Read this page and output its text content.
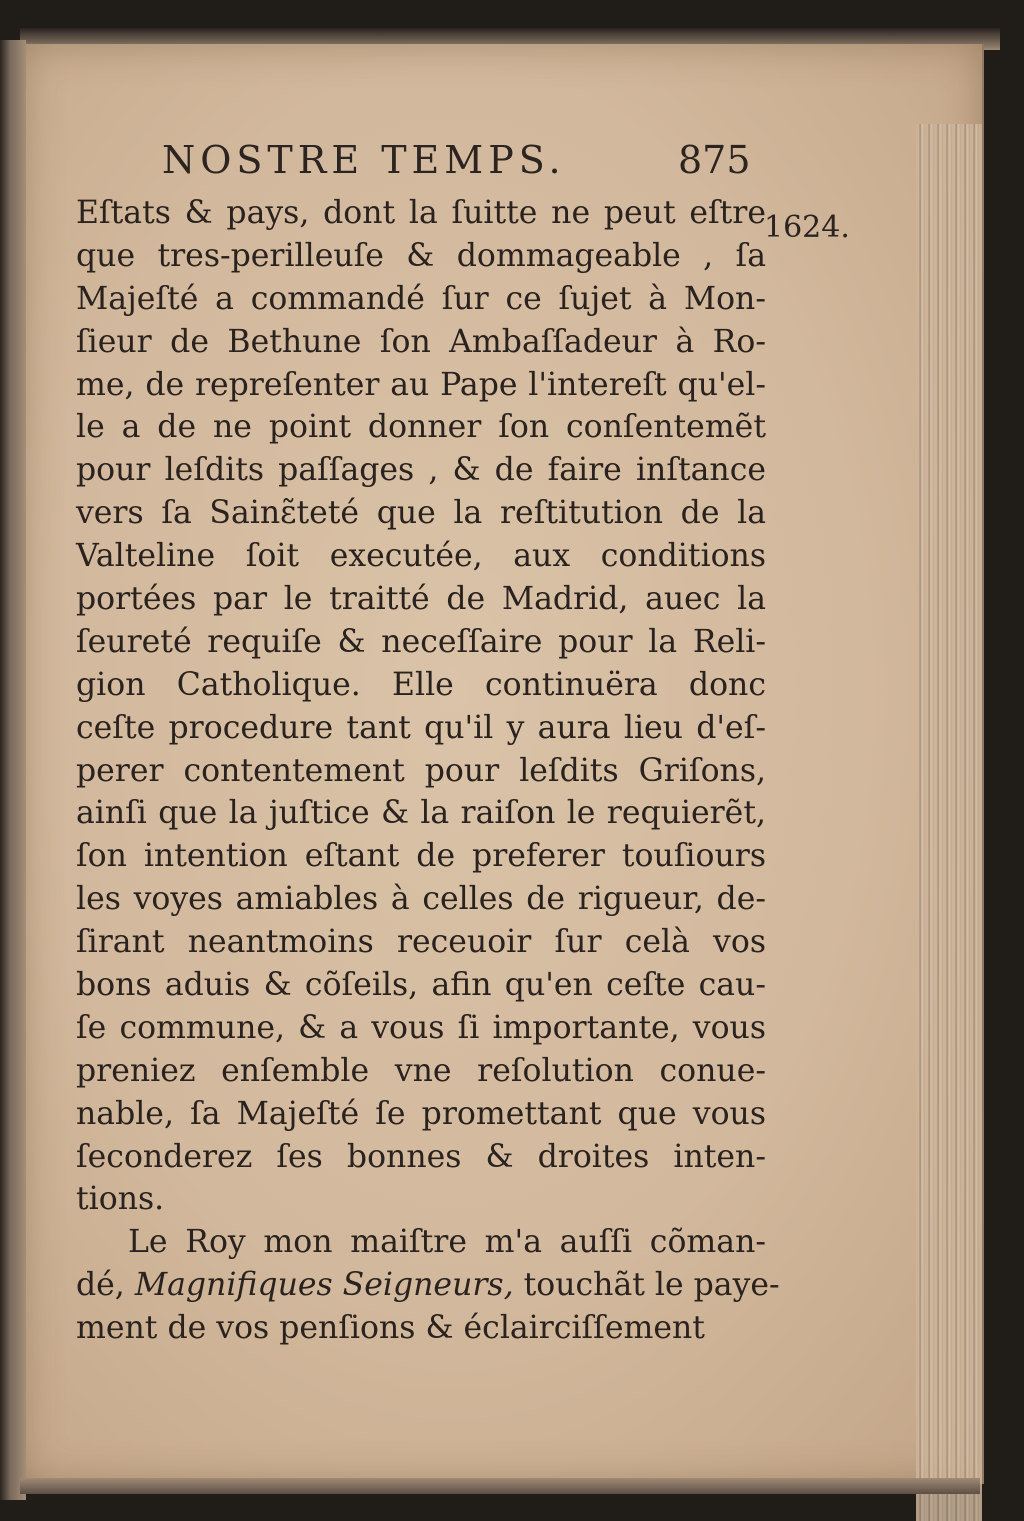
NOSTRE TEMPS.	875
1624.
Eſtats & pays, dont la ſuitte ne peut eſtre
que tres-perilleuſe & dommageable , ſa
Majeſté a commandé ſur ce ſujet à Mon-
ſieur de Bethune ſon Ambaſſadeur à Ro-
me, de repreſenter au Pape l'intereſt qu'el-
le a de ne point donner ſon conſentemẽt
pour leſdits paſſages , & de faire inſtance
vers ſa Sainɛ̃teté que la reſtitution de la
Valteline ſoit executée, aux conditions
portées par le traitté de Madrid, auec la
ſeureté requiſe & neceſſaire pour la Reli-
gion Catholique. Elle continuëra donc
ceſte procedure tant qu'il y aura lieu d'eſ-
perer contentement pour leſdits Griſons,
ainſi que la juſtice & la raiſon le requierẽt,
ſon intention eſtant de preferer touſiours
les voyes amiables à celles de rigueur, de-
ſirant neantmoins receuoir ſur celà vos
bons aduis & cõſeils, afin qu'en ceſte cau-
ſe commune, & a vous ſi importante, vous
preniez enſemble vne reſolution conue-
nable, ſa Majeſté ſe promettant que vous
ſeconderez ſes bonnes & droites inten-
tions.
Le Roy mon maiſtre m'a auſſi cõman-
dé, Magnifiques Seigneurs, touchãt le paye-
ment de vos penſions & éclairciſſement
